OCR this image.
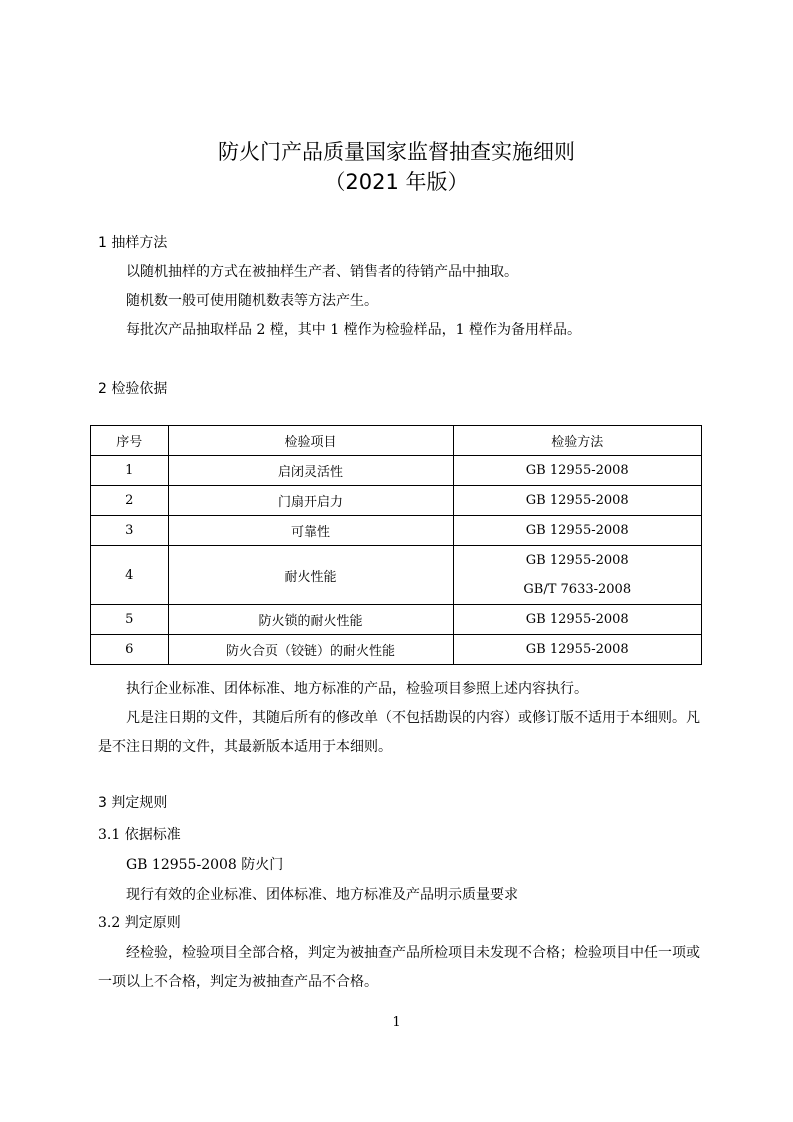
防火门产品质量国家监督抽查实施细则
（2021 年版）
1 抽样方法
以随机抽样的方式在被抽样生产者、销售者的待销产品中抽取。
随机数一般可使用随机数表等方法产生。
每批次产品抽取样品 2 樘，其中 1 樘作为检验样品，1 樘作为备用样品。
2 检验依据
序号	检验项目	检验方法
1	启闭灵活性	GB 12955-2008
2	门扇开启力	GB 12955-2008
3	可靠性	GB 12955-2008
4	耐火性能	GB 12955-2008
GB/T 7633-2008

5	防火锁的耐火性能	GB 12955-2008
6	防火合页（铰链）的耐火性能	GB 12955-2008
执行企业标准、团体标准、地方标准的产品，检验项目参照上述内容执行。
凡是注日期的文件，其随后所有的修改单（不包括勘误的内容）或修订版不适用于本细则。凡
是不注日期的文件，其最新版本适用于本细则。
3 判定规则
3.1 依据标准
GB 12955-2008 防火门
现行有效的企业标准、团体标准、地方标准及产品明示质量要求
3.2 判定原则
经检验，检验项目全部合格，判定为被抽查产品所检项目未发现不合格；检验项目中任一项或
一项以上不合格，判定为被抽查产品不合格。
1
